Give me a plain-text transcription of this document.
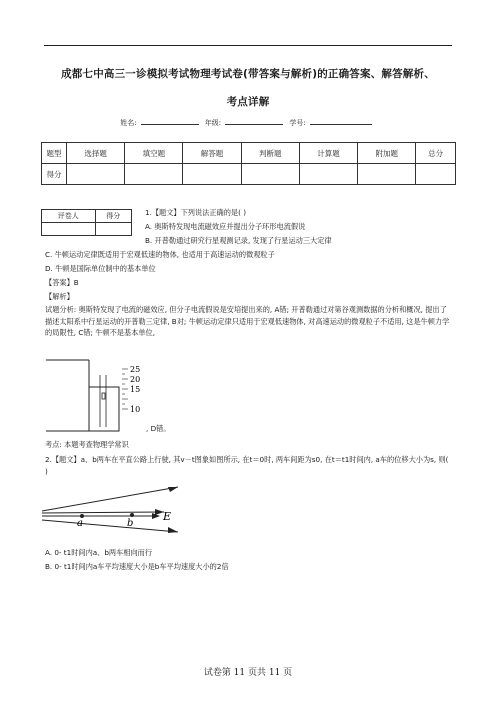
成都七中高三一诊模拟考试物理考试卷(带答案与解析)的正确答案、解答解析、
考点详解
姓名:	年级:	学号:
题型	选择题	填空题	解答题	判断题	计算题	附加题	总分
得分							
评卷人	得分
		1.【题文】下列说法正确的是( )
A. 奥斯特发现电流磁效应并提出分子环形电流假说
B. 开普勒通过研究行星观测记录, 发现了行星运动三大定律
C. 牛顿运动定律既适用于宏观低速的物体, 也适用于高速运动的微观粒子
D. 牛顿是国际单位制中的基本单位
【答案】B
【解析】
试题分析: 奥斯特发现了电流的磁效应, 但分子电流假说是安培提出来的, A错; 开普勒通过对第谷观测数据的分析和概况, 提出了描述太阳系中行星运动的开普勒三定律, B对; 牛顿运动定律只适用于宏观低速物体, 对高速运动的微观粒子不适用, 这是牛顿力学的局限性, C错; 牛顿不是基本单位,
25
20
15
10
, D错。
考点: 本题考查物理学常识
2.【题文】a、b两车在平直公路上行驶, 其v－t图象如图所示, 在t＝0时, 两车间距为s0, 在t＝t1时间内, a车的位移大小为s, 则( )
a	b
E
A. 0- t1时间内a、b两车相向而行
B. 0- t1时间内a车平均速度大小是b车平均速度大小的2倍
试卷第 11 页共 11 页
